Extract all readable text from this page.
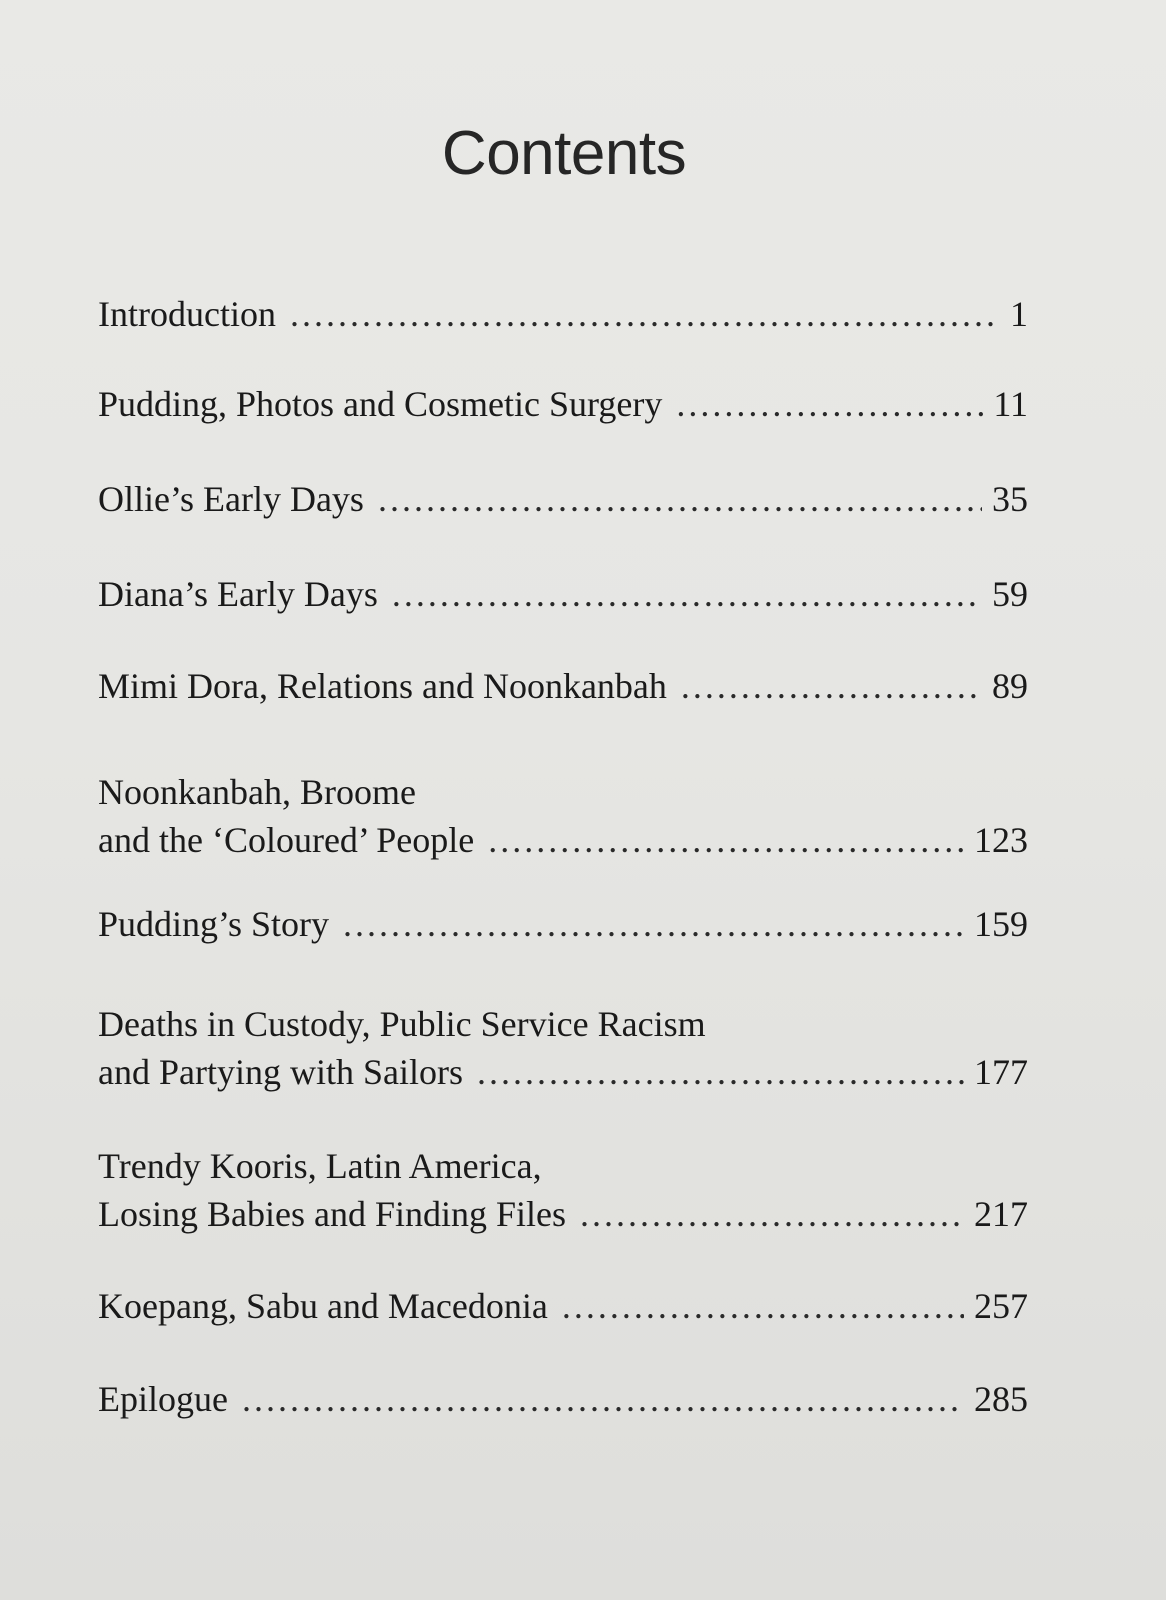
Contents
Introduction .....	1
Pudding, Photos and Cosmetic Surgery .....	11
Ollie’s Early Days .....	35
Diana’s Early Days .....	59
Mimi Dora, Relations and Noonkanbah .....	89
Noonkanbah, Broome
and the ‘Coloured’ People .....	123
Pudding’s Story .....	159
Deaths in Custody, Public Service Racism
and Partying with Sailors .....	177
Trendy Kooris, Latin America,
Losing Babies and Finding Files .....	217
Koepang, Sabu and Macedonia .....	257
Epilogue .....	285
